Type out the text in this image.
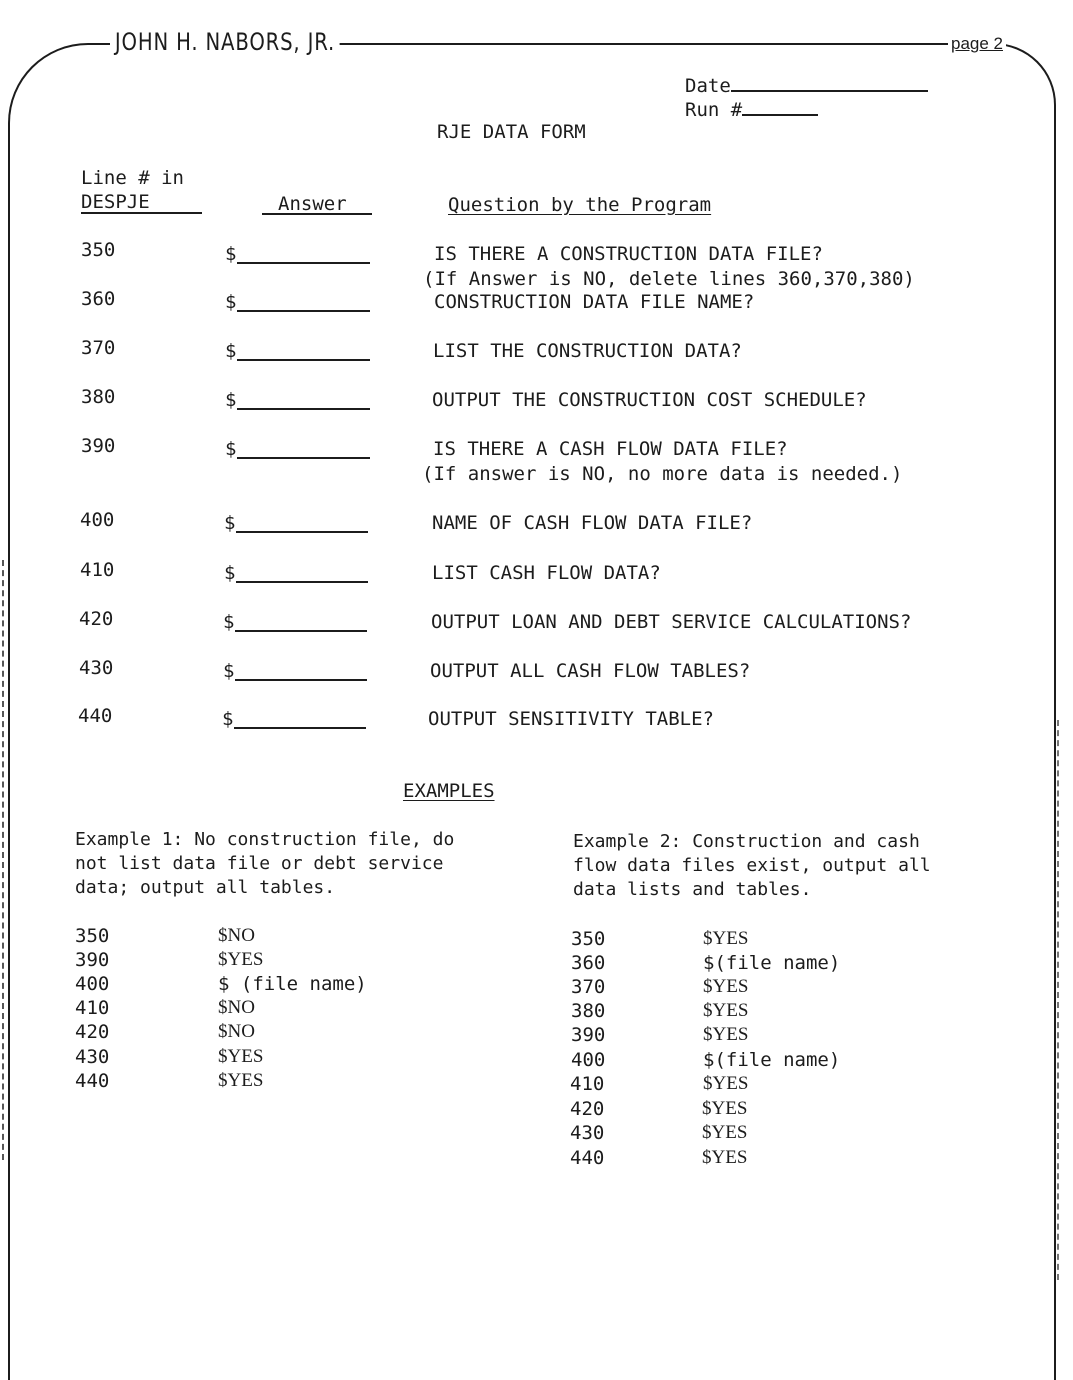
JOHN H. NABORS, JR.	page 2
Date
Run #
RJE DATA FORM
Line # in
DESPJE	Answer	Question by the Program
350	$	IS THERE A CONSTRUCTION DATA FILE?
(If Answer is NO, delete lines 360,370,380)
360	$	CONSTRUCTION DATA FILE NAME?
370	$	LIST THE CONSTRUCTION DATA?
380	$	OUTPUT THE CONSTRUCTION COST SCHEDULE?
390	$	IS THERE A CASH FLOW DATA FILE?
(If answer is NO, no more data is needed.)
400	$	NAME OF CASH FLOW DATA FILE?
410	$	LIST CASH FLOW DATA?
420	$	OUTPUT LOAN AND DEBT SERVICE CALCULATIONS?
430	$	OUTPUT ALL CASH FLOW TABLES?
440	$	OUTPUT SENSITIVITY TABLE?
EXAMPLES
Example 1: No construction file, do
not list data file or debt service
data; output all tables.
350	$NO
390	$YES
400	$ (file name)
410	$NO
420	$NO
430	$YES
440	$YES
Example 2: Construction and cash
flow data files exist, output all
data lists and tables.
350	$YES
360	$(file name)
370	$YES
380	$YES
390	$YES
400	$(file name)
410	$YES
420	$YES
430	$YES
440	$YES
